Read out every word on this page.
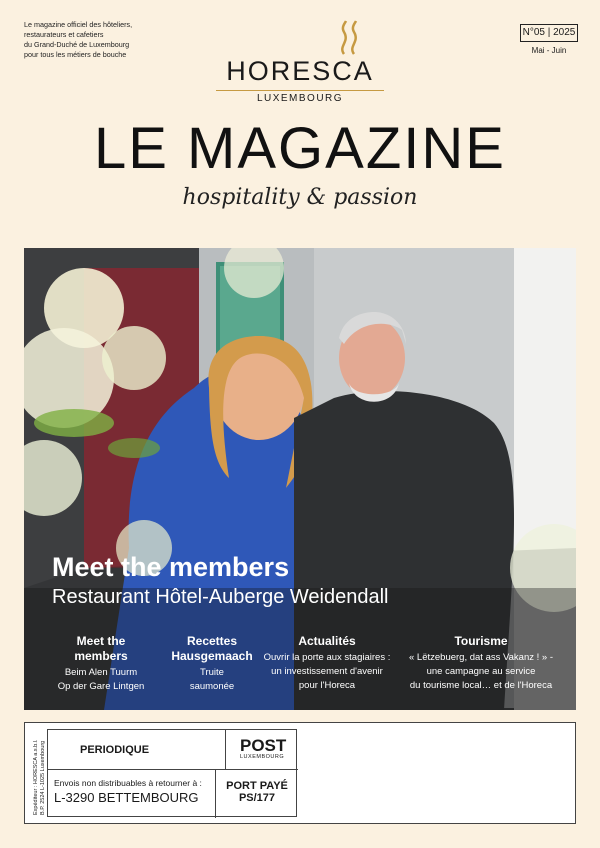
Le magazine officiel des hôteliers,
restaurateurs et cafetiers
du Grand-Duché de Luxembourg
pour tous les métiers de bouche
HORESCA
LUXEMBOURG
N°05 | 2025
Mai - Juin
LE MAGAZINE
hospitality & passion
Meet the members
Restaurant Hôtel-Auberge Weidendall
Meet the
members
Beim Alen Tuurm
Op der Gare Lintgen
Recettes
Hausgemaach
Truite
saumonée
Actualités
Ouvrir la porte aux stagiaires :
un investissement d'avenir
pour l'Horeca
Tourisme
« Lëtzebuerg, dat ass Vakanz ! » -
une campagne au service
du tourisme local… et de l'Horeca
Expéditeur : HORESCA a.s.b.l. B.P. 2524 L-1025 Luxembourg	PERIODIQUE	POST
LUXEMBOURG
Envois non distribuables à retourner à :
L-3290 BETTEMBOURG
PORT PAYÉ
PS/177
